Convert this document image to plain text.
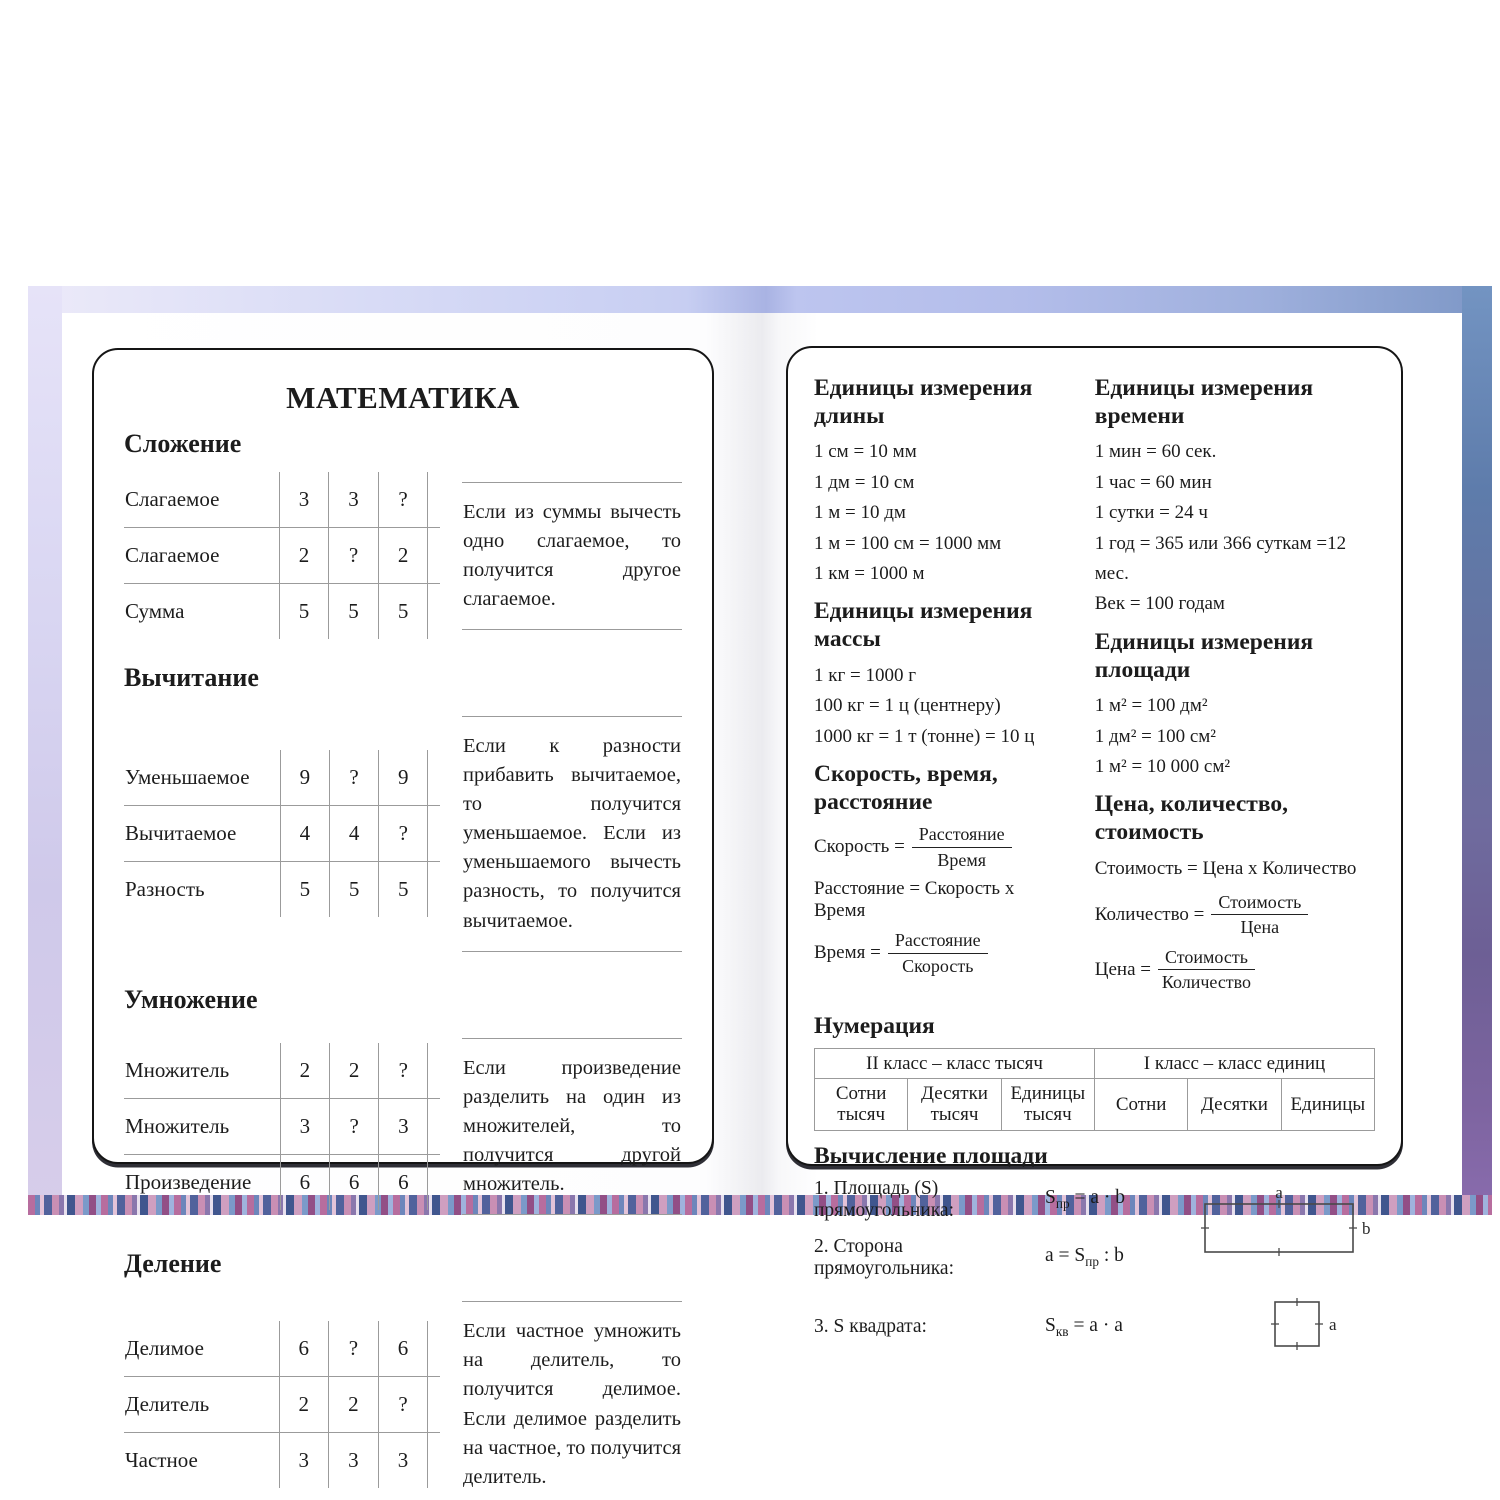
МАТЕМАТИКА
Сложение
Слагаемое	3	3	?	
Слагаемое	2	?	2	
Сумма	5	5	5	

Если из суммы вычесть одно слагаемое, то получится другое слагаемое.

Вычитание
Уменьшаемое	9	?	9	
Вычитаемое	4	4	?	
Разность	5	5	5	

Если к разности прибавить вычитаемое, то получится уменьшаемое. Если из уменьшаемого вычесть разность, то получится вычитаемое.

Умножение
Множитель	2	2	?	
Множитель	3	?	3	
Произведение	6	6	6	

Если произведение разделить на один из множителей, то получится другой множитель.

Деление
Делимое	6	?	6	
Делитель	2	2	?	
Частное	3	3	3	

Если частное умножить на делитель, то получится делимое. Если делимое разделить на частное, то получится делитель.

Единицы измерения длины
1 см = 10 мм
1 дм = 10 см
1 м = 10 дм
1 м = 100 см = 1000 мм
1 км = 1000 м
Единицы измерения массы
1 кг = 1000 г
100 кг = 1 ц (центнеру)
1000 кг = 1 т (тонне) = 10 ц
Скорость, время, расстояние
Скорость = $\frac{\text{Расстояние}}{\text{Время}}$
Расстояние = Скорость x Время
Время = $\frac{\text{Расстояние}}{\text{Скорость}}$
Единицы измерения времени
1 мин = 60 сек.
1 час = 60 мин
1 сутки = 24 ч
1 год = 365 или 366 суткам =12 мес.
Век = 100 годам
Единицы измерения площади
1 м² = 100 дм²
1 дм² = 100 см²
1 м² = 10 000 см²
Цена, количество, стоимость
Стоимость = Цена x Количество
Количество = $\frac{\text{Стоимость}}{\text{Цена}}$
Цена = $\frac{\text{Стоимость}}{\text{Количество}}$
Нумерация
II класс – класс тысяч			I класс – класс единиц		
Сотни тысяч	Десятки тысяч	Единицы тысяч	Сотни	Десятки	Единицы
Вычисление площади
1. Площадь (S) прямоугольника:
$S_{пр} = a \cdot b$	a
b
2. Сторона прямоугольника:
$a = S_{пр}$ : b
3. S квадрата:	$S_{кв} = a \cdot a$	a
